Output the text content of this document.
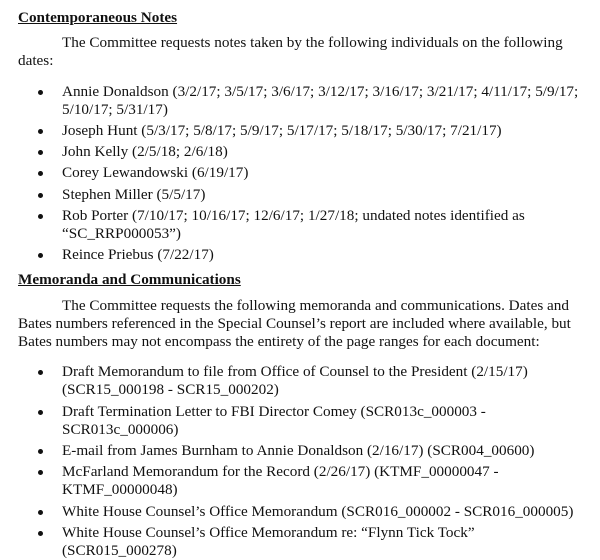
Contemporaneous Notes

The Committee requests notes taken by the following individuals on the following dates:

Annie Donaldson (3/2/17; 3/5/17; 3/6/17; 3/12/17; 3/16/17; 3/21/17; 4/11/17; 5/9/17; 5/10/17; 5/31/17)
Joseph Hunt (5/3/17; 5/8/17; 5/9/17; 5/17/17; 5/18/17; 5/30/17; 7/21/17)
John Kelly (2/5/18; 2/6/18)
Corey Lewandowski (6/19/17)
Stephen Miller (5/5/17)
Rob Porter (7/10/17; 10/16/17; 12/6/17; 1/27/18; undated notes identified as “SC_RRP000053”)
Reince Priebus (7/22/17)
Memoranda and Communications

The Committee requests the following memoranda and communications. Dates and Bates numbers referenced in the Special Counsel’s report are included where available, but Bates numbers may not encompass the entirety of the page ranges for each document:

Draft Memorandum to file from Office of Counsel to the President (2/15/17) (SCR15_000198 - SCR15_000202)
Draft Termination Letter to FBI Director Comey (SCR013c_000003 - SCR013c_000006)
E-mail from James Burnham to Annie Donaldson (2/16/17) (SCR004_00600)
McFarland Memorandum for the Record (2/26/17) (KTMF_00000047 - KTMF_00000048)
White House Counsel’s Office Memorandum (SCR016_000002 - SCR016_000005)
White House Counsel’s Office Memorandum re: “Flynn Tick Tock” (SCR015_000278)
